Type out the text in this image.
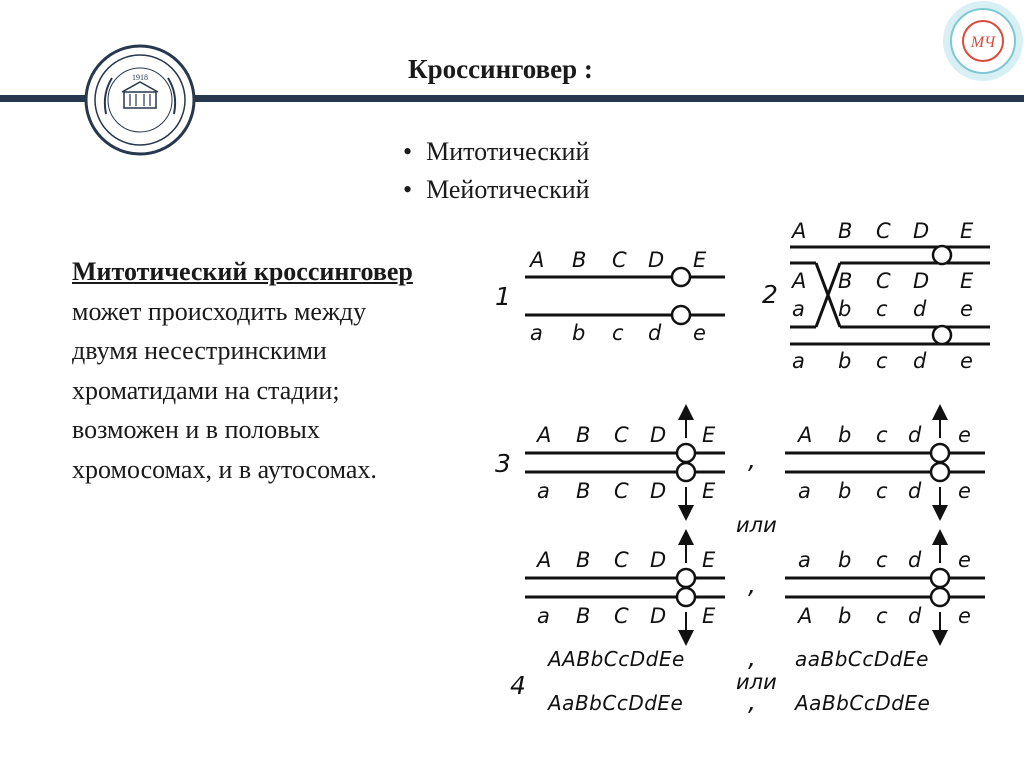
1918
МЧ
Кроссинговер :
• Митотический
• Мейотический

Митотический кроссинговер может происходить между двумя несестринскими хроматидами на стадии; возможен и в половых хромосомах, и в аутосомах.

1	2
3
4
A B C D E
a b c d e
A B C D E
A B C D E
a b c d e
a b c d e
A B C D E
a B C D E
,
A b c d e
a b c d e
или
A B C D E
a B C D E
,
a b c d e
A b c d e
AABbCcDdEe	, aaBbCcDdEe
или
AaBbCcDdEe	, AaBbCcDdEe
